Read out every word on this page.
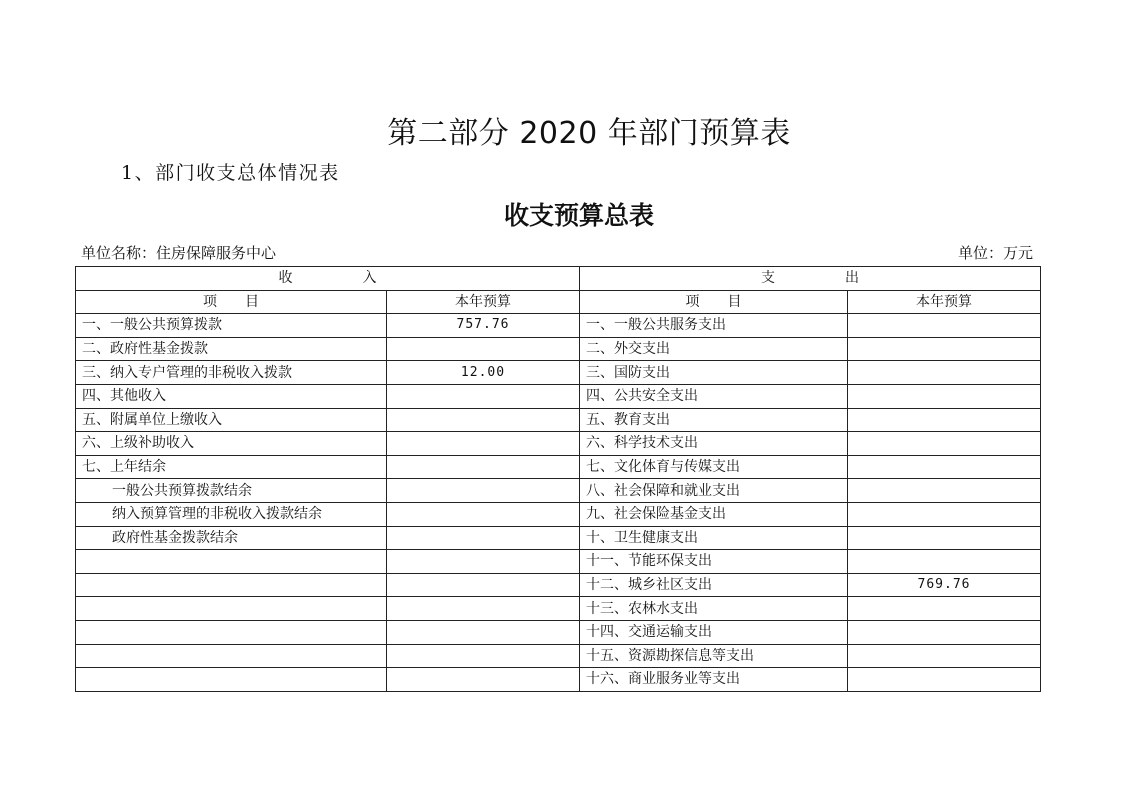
第二部分 2020 年部门预算表
1、部门收支总体情况表
收支预算总表
单位名称：住房保障服务中心	单位：万元
收　　　　　入		支　　　　　出	
项　　目	本年预算	项　　目	本年预算
一、一般公共预算拨款	757.76	一、一般公共服务支出	
二、政府性基金拨款		二、外交支出	
三、纳入专户管理的非税收入拨款	12.00	三、国防支出	
四、其他收入		四、公共安全支出	
五、附属单位上缴收入		五、教育支出	
六、上级补助收入		六、科学技术支出	
七、上年结余		七、文化体育与传媒支出	
一般公共预算拨款结余		八、社会保障和就业支出	
纳入预算管理的非税收入拨款结余		九、社会保险基金支出	
政府性基金拨款结余		十、卫生健康支出	
		十一、节能环保支出	
		十二、城乡社区支出	769.76
		十三、农林水支出	
		十四、交通运输支出	
		十五、资源勘探信息等支出	
		十六、商业服务业等支出	
